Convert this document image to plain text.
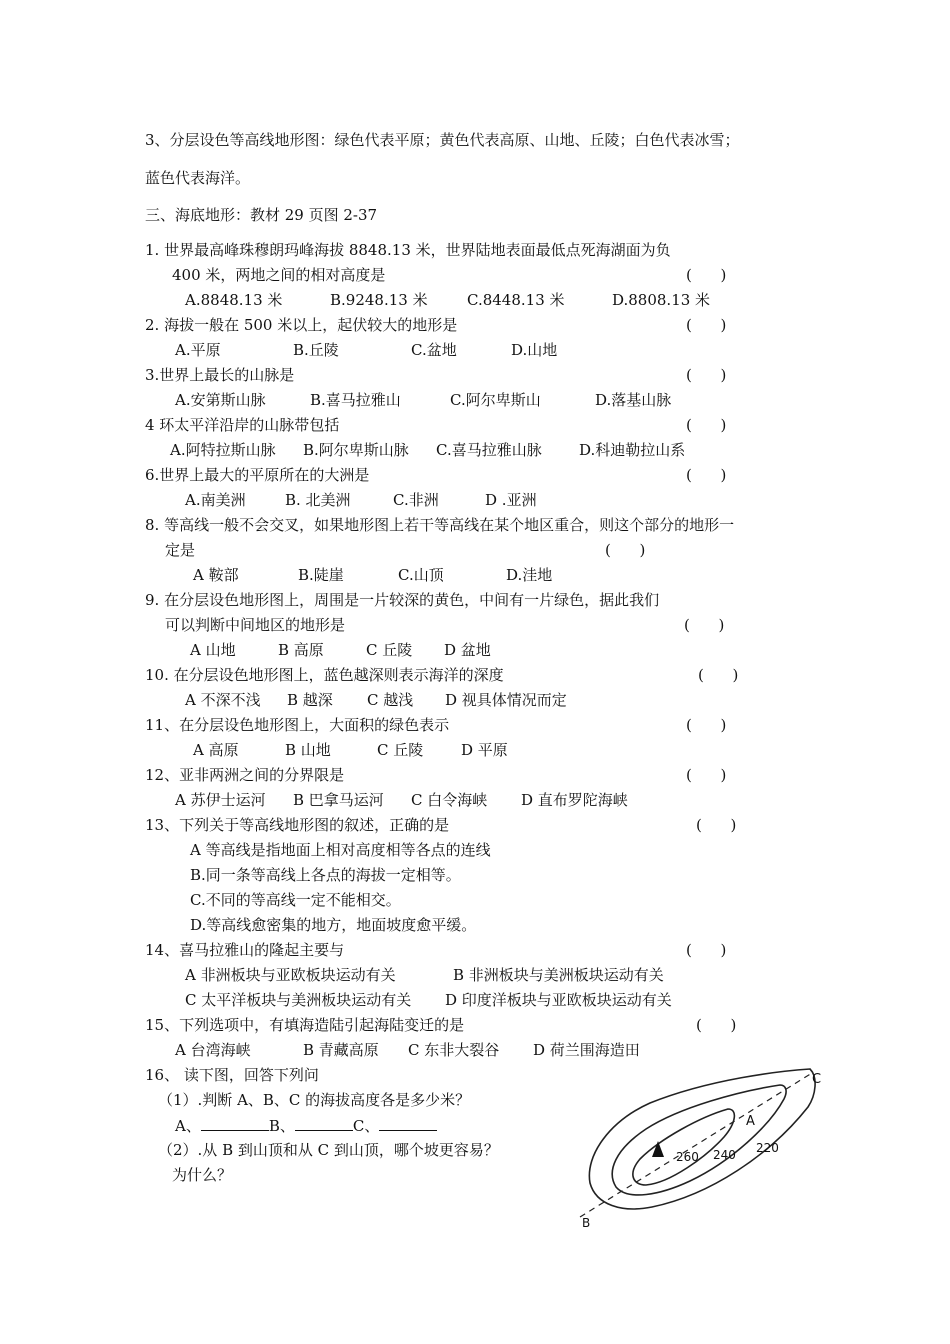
3、分层设色等高线地形图：绿色代表平原；黄色代表高原、山地、丘陵；白色代表冰雪；
蓝色代表海洋。
三、海底地形：教材 29 页图 2-37
1. 世界最高峰珠穆朗玛峰海拔 8848.13 米，世界陆地表面最低点死海湖面为负
400 米，两地之间的相对高度是	(      )
A.8848.13 米	B.9248.13 米	C.8448.13 米	D.8808.13 米
2. 海拔一般在 500 米以上，起伏较大的地形是	(      )
A.平原	B.丘陵	C.盆地	D.山地
3.世界上最长的山脉是	(      )
A.安第斯山脉	B.喜马拉雅山	C.阿尔卑斯山	D.落基山脉
4 环太平洋沿岸的山脉带包括	(      )
A.阿特拉斯山脉 B.阿尔卑斯山脉 C.喜马拉雅山脉 D.科迪勒拉山系
6.世界上最大的平原所在的大洲是	(      )
A.南美洲	B. 北美洲	C.非洲	D .亚洲
8. 等高线一般不会交叉，如果地形图上若干等高线在某个地区重合，则这个部分的地形一
定是	(      )
A 鞍部	B.陡崖	C.山顶	D.洼地
9. 在分层设色地形图上，周围是一片较深的黄色，中间有一片绿色，据此我们
可以判断中间地区的地形是	(      )
A 山地	B 高原	C 丘陵 D 盆地
10. 在分层设色地形图上，蓝色越深则表示海洋的深度	(      )
A 不深不浅 B 越深 C 越浅 D 视具体情况而定
11、在分层设色地形图上，大面积的绿色表示	(      )
A 高原	B 山地	C 丘陵	D 平原
12、亚非两洲之间的分界限是	(      )
A 苏伊士运河 B 巴拿马运河 C 白令海峡 D 直布罗陀海峡
13、下列关于等高线地形图的叙述，正确的是	(      )
A 等高线是指地面上相对高度相等各点的连线
B.同一条等高线上各点的海拔一定相等。
C.不同的等高线一定不能相交。
D.等高线愈密集的地方，地面坡度愈平缓。
14、喜马拉雅山的隆起主要与	(      )
A 非洲板块与亚欧板块运动有关	B 非洲板块与美洲板块运动有关
C 太平洋板块与美洲板块运动有关 D 印度洋板块与亚欧板块运动有关
15、下列选项中，有填海造陆引起海陆变迁的是	(      )
A 台湾海峡	B 青藏高原 C 东非大裂谷 D 荷兰围海造田
16、 读下图，回答下列问
（1）.判断 A、B、C 的海拔高度各是多少米？
A、	B、	C、
（2）.从 B 到山顶和从 C 到山顶，哪个坡更容易？
为什么？
C
A
B
260 240 220
